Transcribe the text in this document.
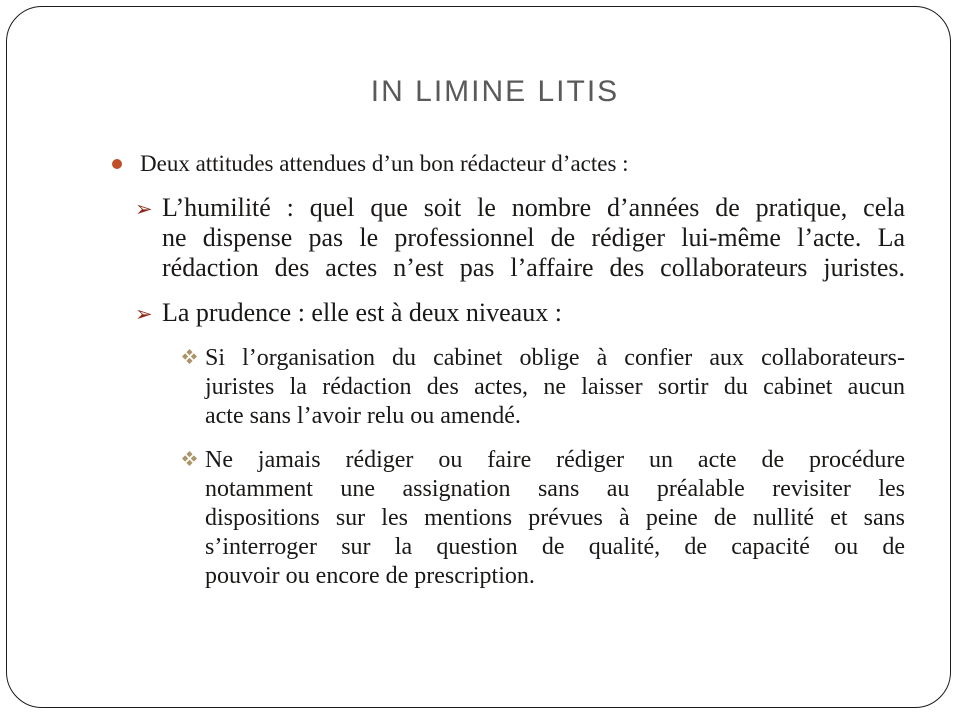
IN LIMINE LITIS
Deux attitudes attendues d’un bon rédacteur d’actes :
➢ L’humilité : quel que soit le nombre d’années de pratique, cela
ne dispense pas le professionnel de rédiger lui-même l’acte. La
rédaction des actes n’est pas l’affaire des collaborateurs juristes.
➢ La prudence : elle est à deux niveaux :
Si l’organisation du cabinet oblige à confier aux collaborateurs-
juristes la rédaction des actes, ne laisser sortir du cabinet aucun
acte sans l’avoir relu ou amendé.
Ne jamais rédiger ou faire rédiger un acte de procédure
notamment une assignation sans au préalable revisiter les
dispositions sur les mentions prévues à peine de nullité et sans
s’interroger sur la question de qualité, de capacité ou de
pouvoir ou encore de prescription.
